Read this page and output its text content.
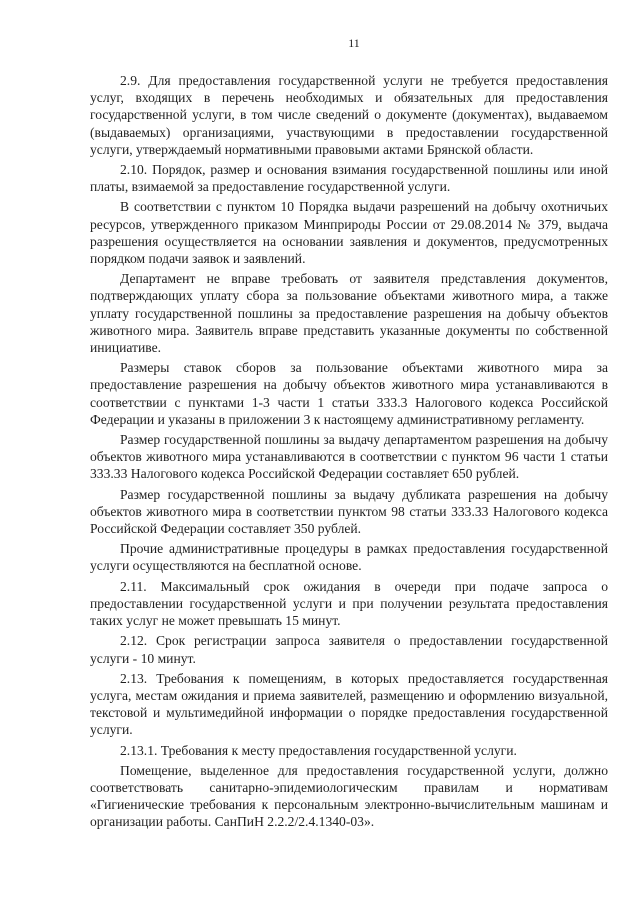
11

2.9. Для предоставления государственной услуги не требуется предоставления услуг, входящих в перечень необходимых и обязательных для предоставления государственной услуги, в том числе сведений о документе (документах), выдаваемом (выдаваемых) организациями, участвующими в предоставлении государственной услуги, утверждаемый нормативными правовыми актами Брянской области.

2.10. Порядок, размер и основания взимания государственной пошлины или иной платы, взимаемой за предоставление государственной услуги.

В соответствии с пунктом 10 Порядка выдачи разрешений на добычу охотничьих ресурсов, утвержденного приказом Минприроды России от 29.08.2014 № 379, выдача разрешения осуществляется на основании заявления и документов, предусмотренных порядком подачи заявок и заявлений.

Департамент не вправе требовать от заявителя представления документов, подтверждающих уплату сбора за пользование объектами животного мира, а также уплату государственной пошлины за предоставление разрешения на добычу объектов животного мира. Заявитель вправе представить указанные документы по собственной инициативе.

Размеры ставок сборов за пользование объектами животного мира за предоставление разрешения на добычу объектов животного мира устанавливаются в соответствии с пунктами 1-3 части 1 статьи 333.3 Налогового кодекса Российской Федерации и указаны в приложении 3 к настоящему административному регламенту.

Размер государственной пошлины за выдачу департаментом разрешения на добычу объектов животного мира устанавливаются в соответствии с пунктом 96 части 1 статьи 333.33 Налогового кодекса Российской Федерации составляет 650 рублей.

Размер государственной пошлины за выдачу дубликата разрешения на добычу объектов животного мира в соответствии пунктом 98 статьи 333.33 Налогового кодекса Российской Федерации составляет 350 рублей.

Прочие административные процедуры в рамках предоставления государственной услуги осуществляются на бесплатной основе.

2.11. Максимальный срок ожидания в очереди при подаче запроса о предоставлении государственной услуги и при получении результата предоставления таких услуг не может превышать 15 минут.

2.12. Срок регистрации запроса заявителя о предоставлении государственной услуги - 10 минут.

2.13. Требования к помещениям, в которых предоставляется государственная услуга, местам ожидания и приема заявителей, размещению и оформлению визуальной, текстовой и мультимедийной информации о порядке предоставления государственной услуги.

2.13.1. Требования к месту предоставления государственной услуги.

Помещение, выделенное для предоставления государственной услуги, должно соответствовать санитарно-эпидемиологическим правилам и нормативам «Гигиенические требования к персональным электронно-вычислительным машинам и организации работы. СанПиН 2.2.2/2.4.1340-03».
